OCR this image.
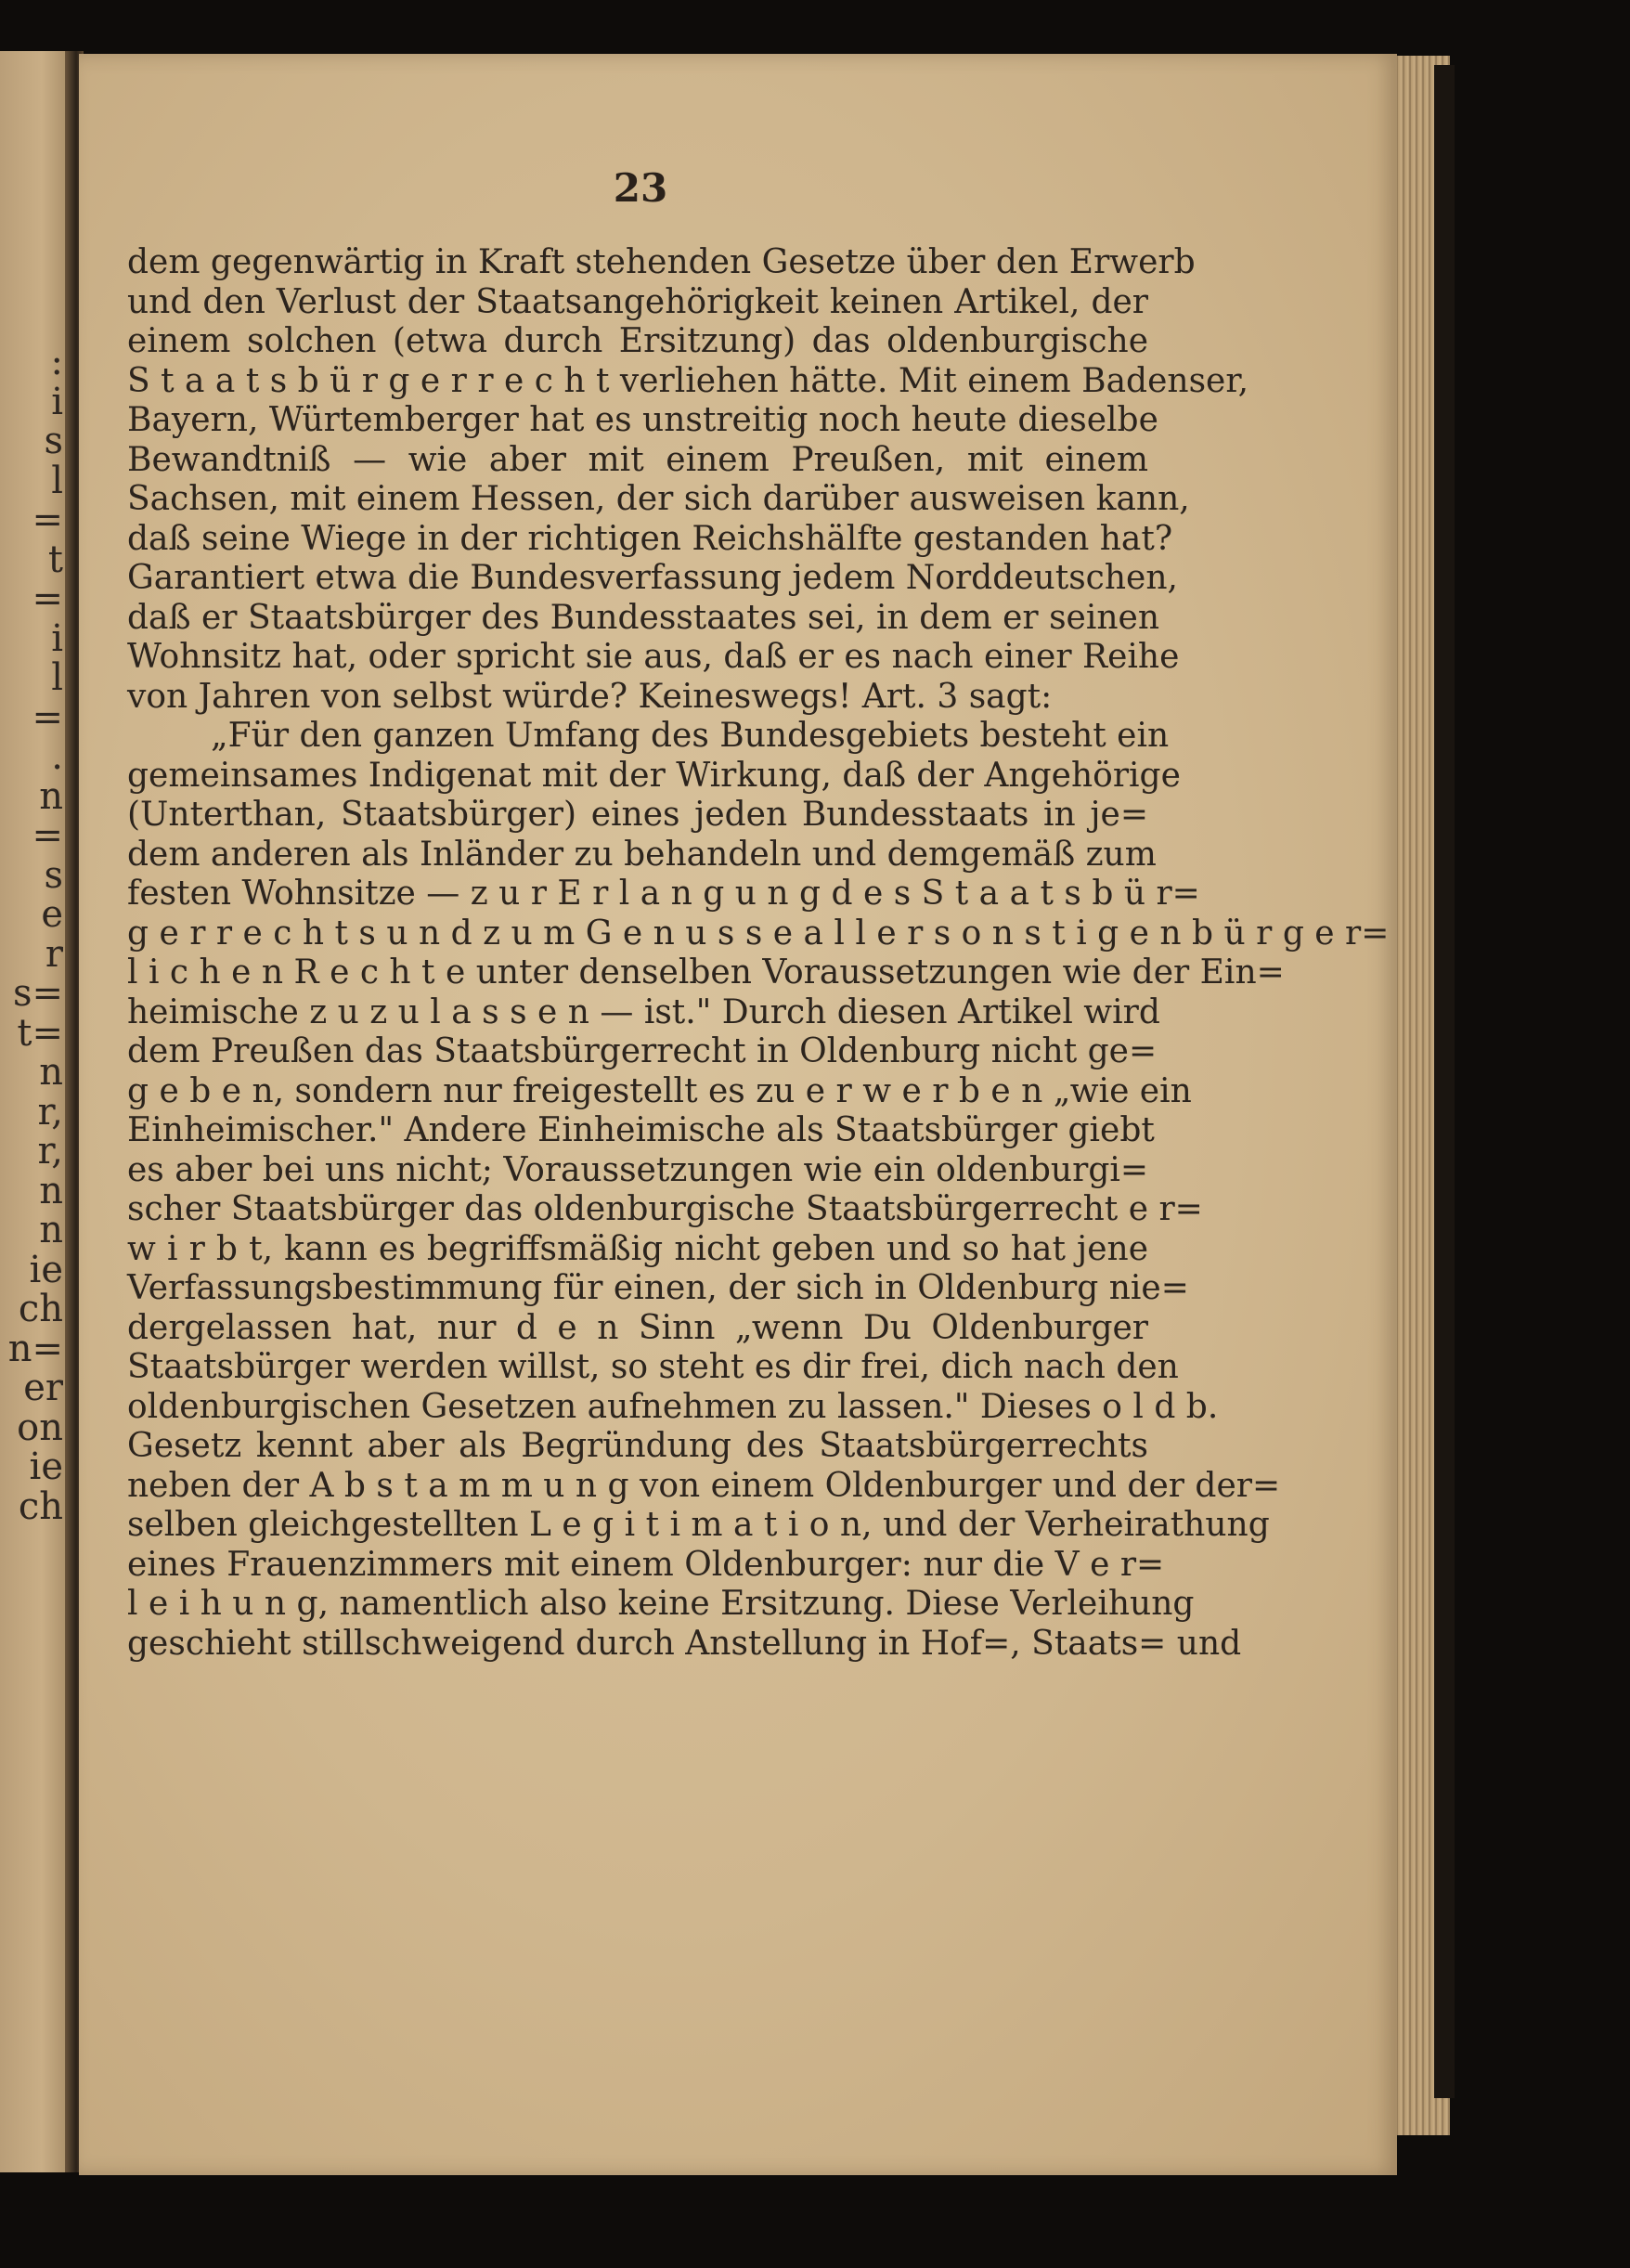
:
i
s
l
=
t
=
i
l
=
.
n
=
s
e
r
s=
t=
n
r,
r,
n
n
ie
ch
n=
er
on
ie
ch
23
dem gegenwärtig in Kraft stehenden Gesetze über den Erwerb
und den Verlust der Staatsangehörigkeit keinen Artikel, der
einem solchen (etwa durch Ersitzung) das oldenburgische
S t a a t s b ü r g e r r e c h t verliehen hätte. Mit einem Badenser,
Bayern, Würtemberger hat es unstreitig noch heute dieselbe
Bewandtniß — wie aber mit einem Preußen, mit einem
Sachsen, mit einem Hessen, der sich darüber ausweisen kann,
daß seine Wiege in der richtigen Reichshälfte gestanden hat?
Garantiert etwa die Bundesverfassung jedem Norddeutschen,
daß er Staatsbürger des Bundesstaates sei, in dem er seinen
Wohnsitz hat, oder spricht sie aus, daß er es nach einer Reihe
von Jahren von selbst würde? Keineswegs! Art. 3 sagt:
„Für den ganzen Umfang des Bundesgebiets besteht ein
gemeinsames Indigenat mit der Wirkung, daß der Angehörige
(Unterthan, Staatsbürger) eines jeden Bundesstaats in je=
dem anderen als Inländer zu behandeln und demgemäß zum
festen Wohnsitze — z u r E r l a n g u n g d e s S t a a t s b ü r=
g e r r e c h t s u n d z u m G e n u s s e a l l e r s o n s t i g e n b ü r g e r=
l i c h e n R e c h t e unter denselben Voraussetzungen wie der Ein=
heimische z u z u l a s s e n — ist." Durch diesen Artikel wird
dem Preußen das Staatsbürgerrecht in Oldenburg nicht ge=
g e b e n, sondern nur freigestellt es zu e r w e r b e n „wie ein
Einheimischer." Andere Einheimische als Staatsbürger giebt
es aber bei uns nicht; Voraussetzungen wie ein oldenburgi=
scher Staatsbürger das oldenburgische Staatsbürgerrecht e r=
w i r b t, kann es begriffsmäßig nicht geben und so hat jene
Verfassungsbestimmung für einen, der sich in Oldenburg nie=
dergelassen hat, nur d e n Sinn „wenn Du Oldenburger
Staatsbürger werden willst, so steht es dir frei, dich nach den
oldenburgischen Gesetzen aufnehmen zu lassen." Dieses o l d b.
Gesetz kennt aber als Begründung des Staatsbürgerrechts
neben der A b s t a m m u n g von einem Oldenburger und der der=
selben gleichgestellten L e g i t i m a t i o n, und der Verheirathung
eines Frauenzimmers mit einem Oldenburger: nur die V e r=
l e i h u n g, namentlich also keine Ersitzung. Diese Verleihung
geschieht stillschweigend durch Anstellung in Hof=, Staats= und
